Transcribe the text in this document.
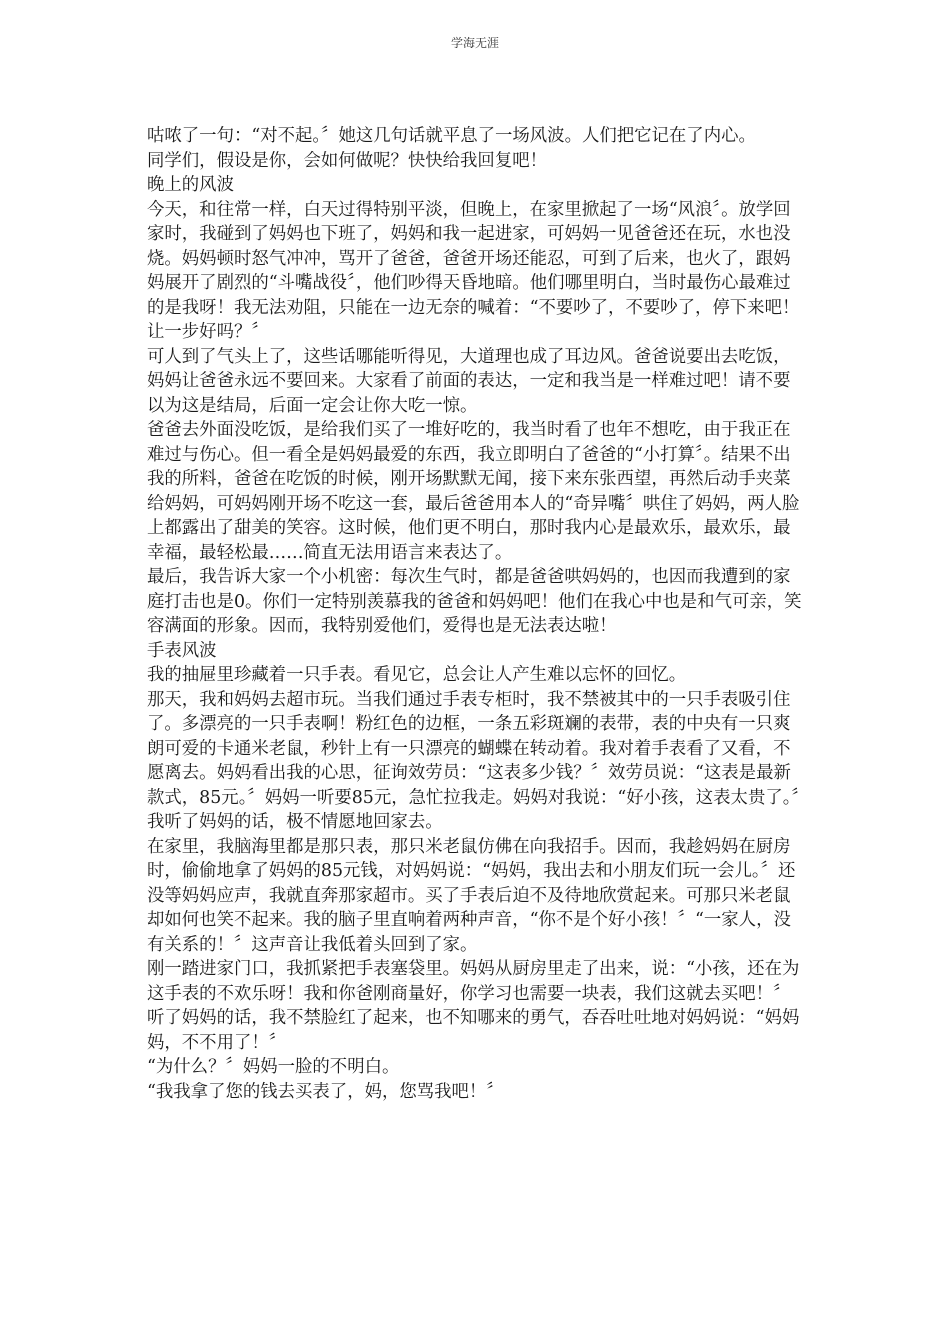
学海无涯

咕哝了一句：“对不起。〞她这几句话就平息了一场风波。人们把它记在了内心。

同学们，假设是你，会如何做呢？快快给我回复吧！

晚上的风波

今天，和往常一样，白天过得特别平淡，但晚上，在家里掀起了一场“风浪〞。放学回家时，我碰到了妈妈也下班了，妈妈和我一起进家，可妈妈一见爸爸还在玩，水也没烧。妈妈顿时怒气冲冲，骂开了爸爸，爸爸开场还能忍，可到了后来，也火了，跟妈妈展开了剧烈的“斗嘴战役〞，他们吵得天昏地暗。他们哪里明白，当时最伤心最难过的是我呀！我无法劝阻，只能在一边无奈的喊着：“不要吵了，不要吵了，停下来吧！让一步好吗？〞

可人到了气头上了，这些话哪能听得见，大道理也成了耳边风。爸爸说要出去吃饭，妈妈让爸爸永远不要回来。大家看了前面的表达，一定和我当是一样难过吧！请不要以为这是结局，后面一定会让你大吃一惊。

爸爸去外面没吃饭，是给我们买了一堆好吃的，我当时看了也年不想吃，由于我正在难过与伤心。但一看全是妈妈最爱的东西，我立即明白了爸爸的“小打算〞。结果不出我的所料，爸爸在吃饭的时候，刚开场默默无闻，接下来东张西望，再然后动手夹菜给妈妈，可妈妈刚开场不吃这一套，最后爸爸用本人的“奇异嘴〞哄住了妈妈，两人脸上都露出了甜美的笑容。这时候，他们更不明白，那时我内心是最欢乐，最欢乐，最幸福，最轻松最……简直无法用语言来表达了。

最后，我告诉大家一个小机密：每次生气时，都是爸爸哄妈妈的，也因而我遭到的家庭打击也是0。你们一定特别羡慕我的爸爸和妈妈吧！他们在我心中也是和气可亲，笑容满面的形象。因而，我特别爱他们，爱得也是无法表达啦！

手表风波

我的抽屉里珍藏着一只手表。看见它，总会让人产生难以忘怀的回忆。

那天，我和妈妈去超市玩。当我们通过手表专柜时，我不禁被其中的一只手表吸引住了。多漂亮的一只手表啊！粉红色的边框，一条五彩斑斓的表带，表的中央有一只爽朗可爱的卡通米老鼠，秒针上有一只漂亮的蝴蝶在转动着。我对着手表看了又看，不愿离去。妈妈看出我的心思，征询效劳员：“这表多少钱？〞效劳员说：“这表是最新款式，85元。〞妈妈一听要85元，急忙拉我走。妈妈对我说：“好小孩，这表太贵了。〞我听了妈妈的话，极不情愿地回家去。

在家里，我脑海里都是那只表，那只米老鼠仿佛在向我招手。因而，我趁妈妈在厨房时，偷偷地拿了妈妈的85元钱，对妈妈说：“妈妈，我出去和小朋友们玩一会儿。〞还没等妈妈应声，我就直奔那家超市。买了手表后迫不及待地欣赏起来。可那只米老鼠却如何也笑不起来。我的脑子里直响着两种声音，“你不是个好小孩！〞“一家人，没有关系的！〞这声音让我低着头回到了家。

刚一踏进家门口，我抓紧把手表塞袋里。妈妈从厨房里走了出来，说：“小孩，还在为这手表的不欢乐呀！我和你爸刚商量好，你学习也需要一块表，我们这就去买吧！〞

听了妈妈的话，我不禁脸红了起来，也不知哪来的勇气，吞吞吐吐地对妈妈说：“妈妈妈，不不用了！〞

“为什么？〞妈妈一脸的不明白。

“我我拿了您的钱去买表了，妈，您骂我吧！〞
